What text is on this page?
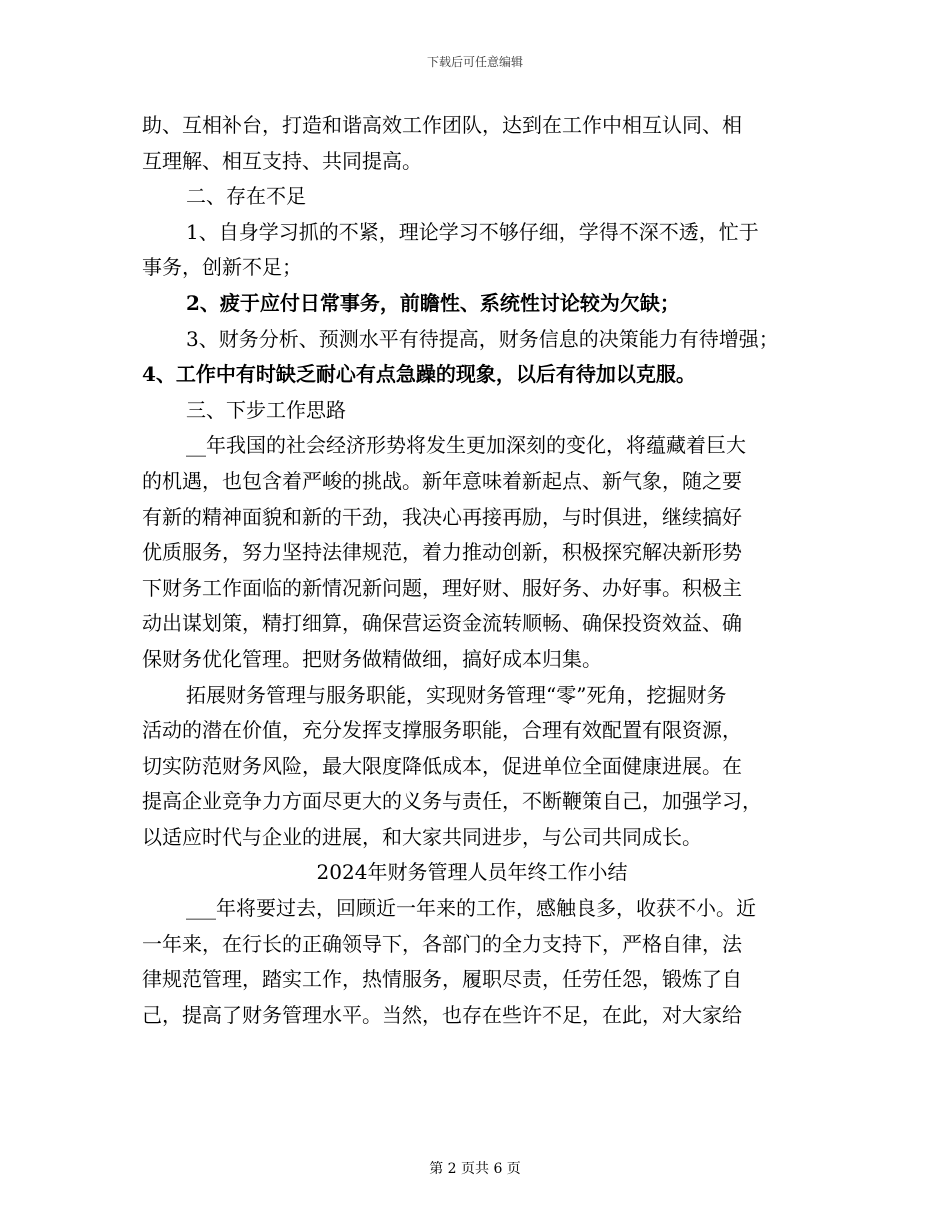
下载后可任意编辑
助、互相补台，打造和谐高效工作团队，达到在工作中相互认同、相
互理解、相互支持、共同提高。
二、存在不足
1、自身学习抓的不紧，理论学习不够仔细，学得不深不透，忙于
事务，创新不足；
2、疲于应付日常事务，前瞻性、系统性讨论较为欠缺；
3、财务分析、预测水平有待提高，财务信息的决策能力有待增强；
4、工作中有时缺乏耐心有点急躁的现象，以后有待加以克服。
三、下步工作思路
__年我国的社会经济形势将发生更加深刻的变化，将蕴藏着巨大
的机遇，也包含着严峻的挑战。新年意味着新起点、新气象，随之要
有新的精神面貌和新的干劲，我决心再接再励，与时俱进，继续搞好
优质服务，努力坚持法律规范，着力推动创新，积极探究解决新形势
下财务工作面临的新情况新问题，理好财、服好务、办好事。积极主
动出谋划策，精打细算，确保营运资金流转顺畅、确保投资效益、确
保财务优化管理。把财务做精做细，搞好成本归集。
拓展财务管理与服务职能，实现财务管理“零”死角，挖掘财务
活动的潜在价值，充分发挥支撑服务职能，合理有效配置有限资源，
切实防范财务风险，最大限度降低成本，促进单位全面健康进展。在
提高企业竞争力方面尽更大的义务与责任，不断鞭策自己，加强学习，
以适应时代与企业的进展，和大家共同进步，与公司共同成长。
2024年财务管理人员年终工作小结
___年将要过去，回顾近一年来的工作，感触良多，收获不小。近
一年来，在行长的正确领导下，各部门的全力支持下，严格自律，法
律规范管理，踏实工作，热情服务，履职尽责，任劳任怨，锻炼了自
己，提高了财务管理水平。当然，也存在些许不足，在此，对大家给
第 2 页共 6 页
